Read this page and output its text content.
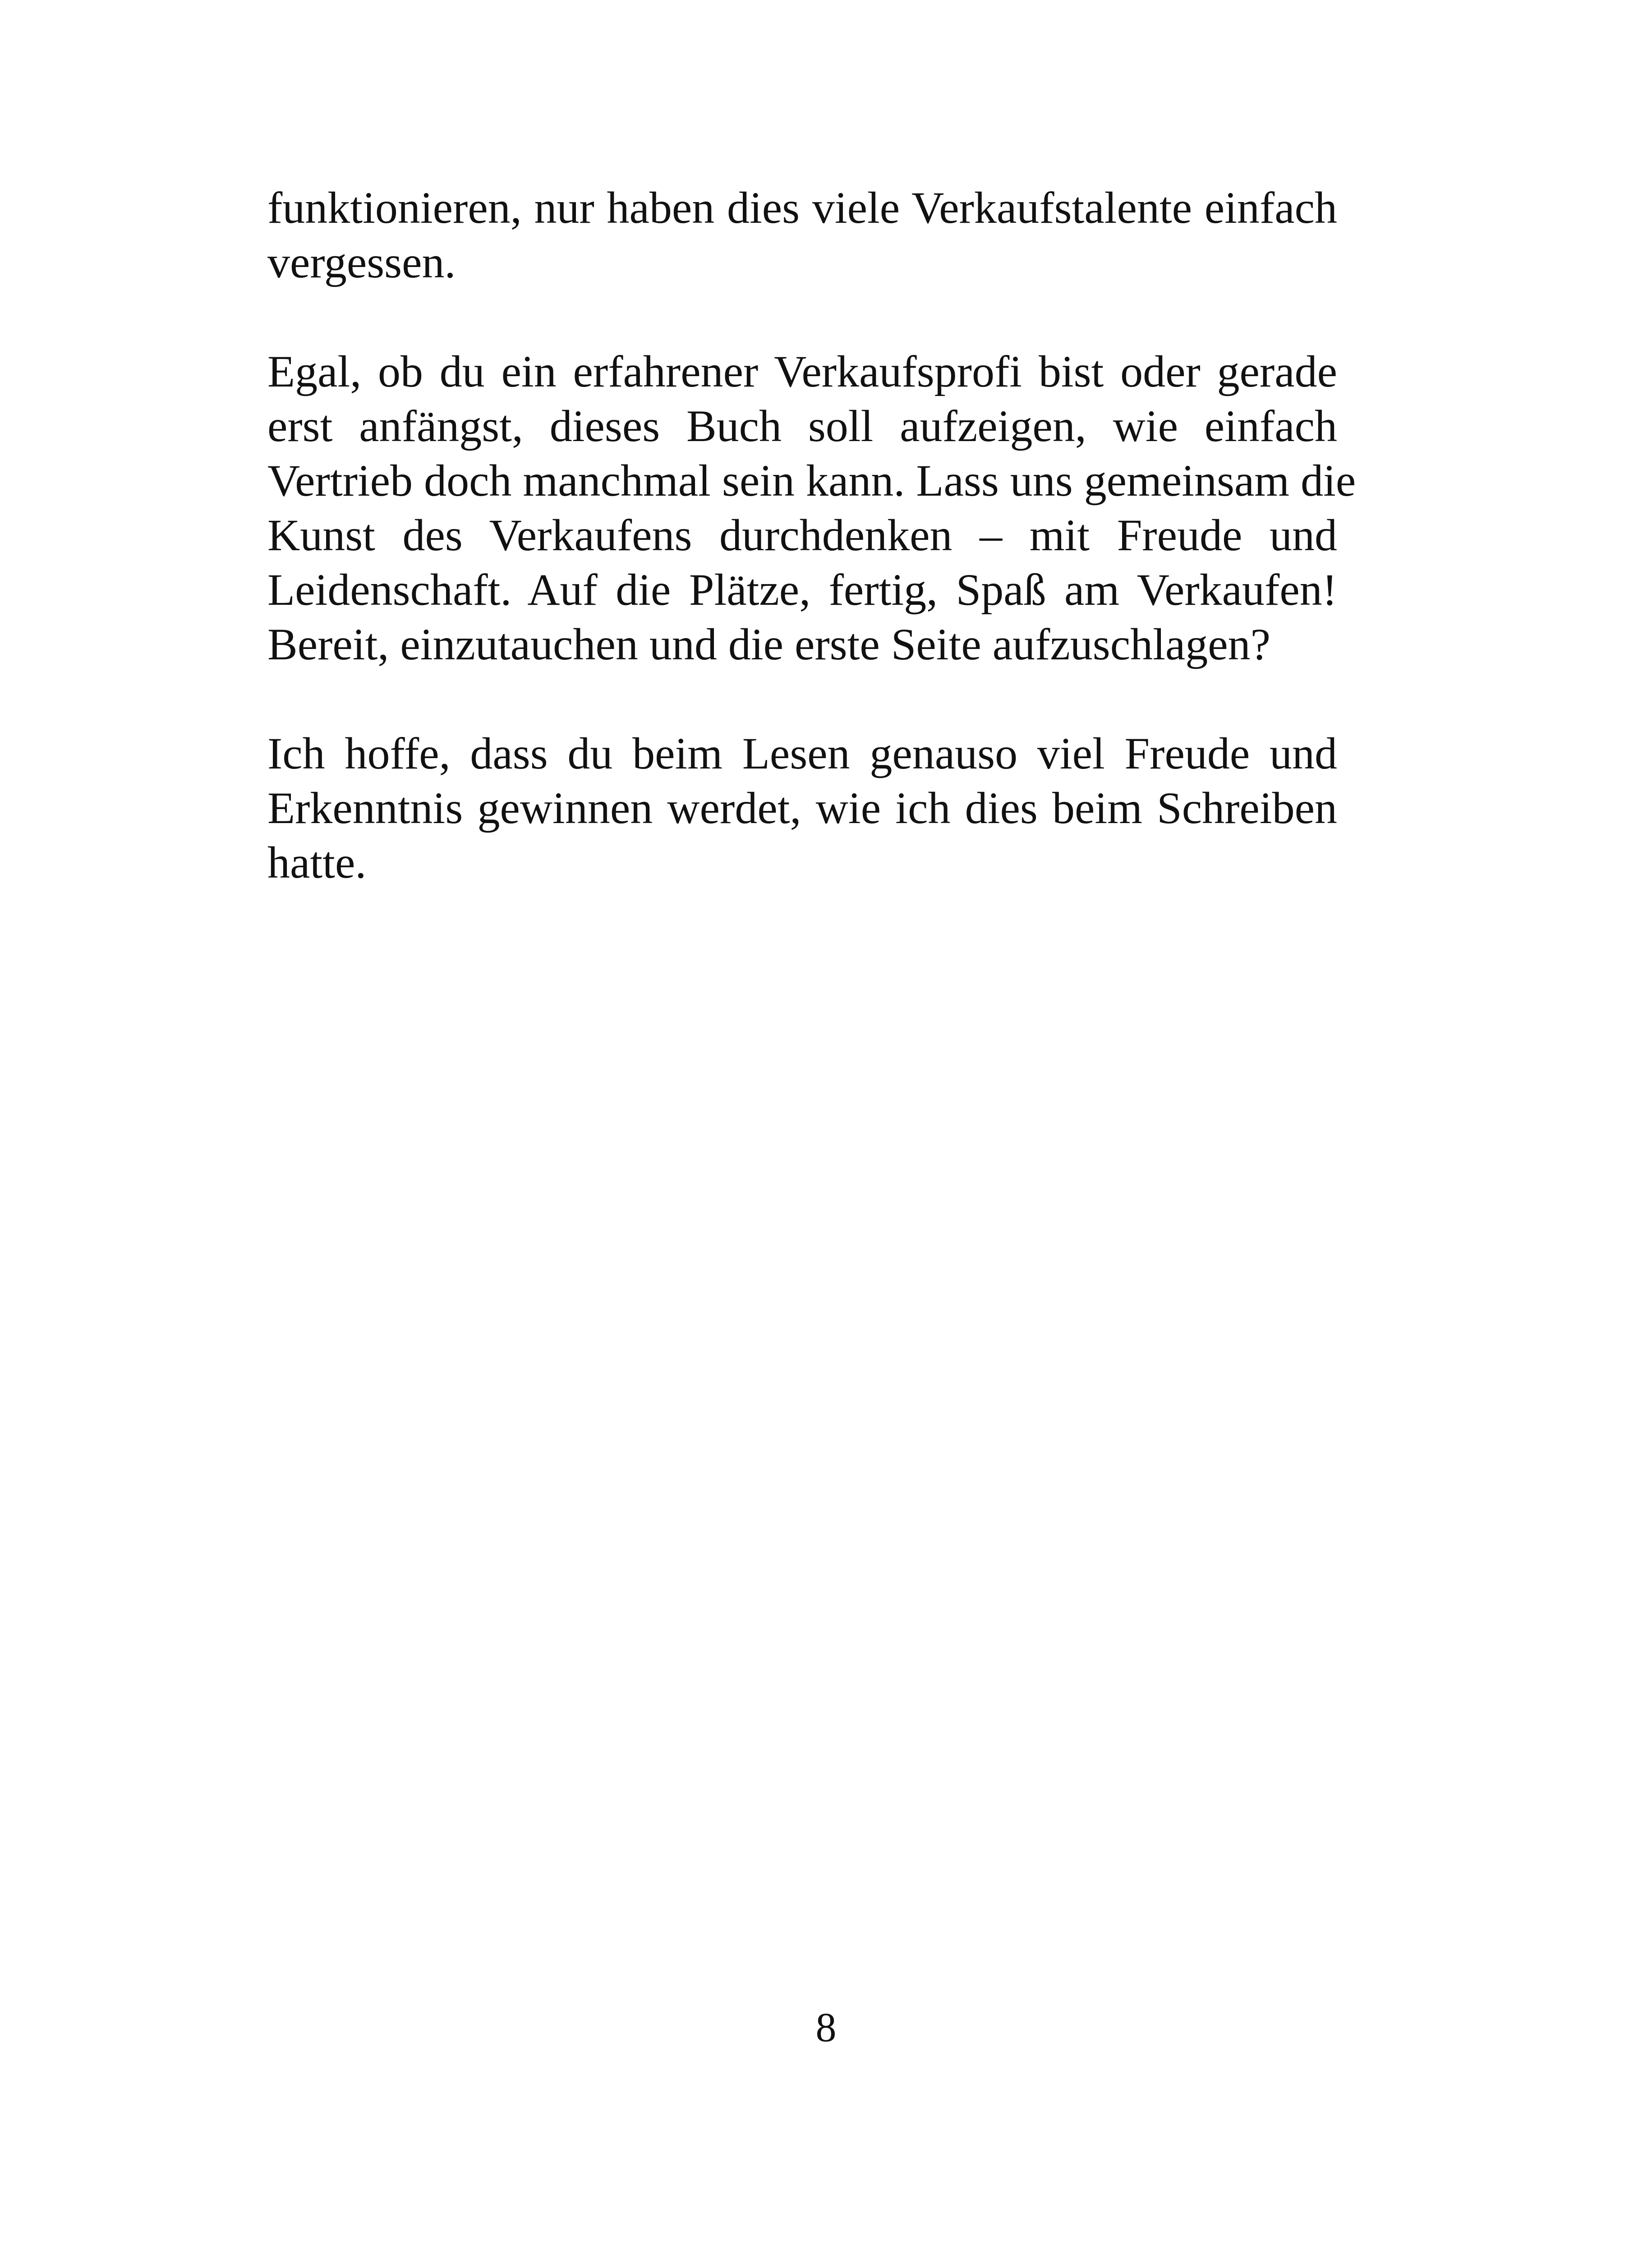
funktionieren, nur haben dies viele Verkaufstalente einfach
vergessen.

Egal, ob du ein erfahrener Verkaufsprofi bist oder gerade
erst anfängst, dieses Buch soll aufzeigen, wie einfach
Vertrieb doch manchmal sein kann. Lass uns gemeinsam die
Kunst des Verkaufens durchdenken – mit Freude und
Leidenschaft. Auf die Plätze, fertig, Spaß am Verkaufen!
Bereit, einzutauchen und die erste Seite aufzuschlagen?

Ich hoffe, dass du beim Lesen genauso viel Freude und
Erkenntnis gewinnen werdet, wie ich dies beim Schreiben
hatte.

8
